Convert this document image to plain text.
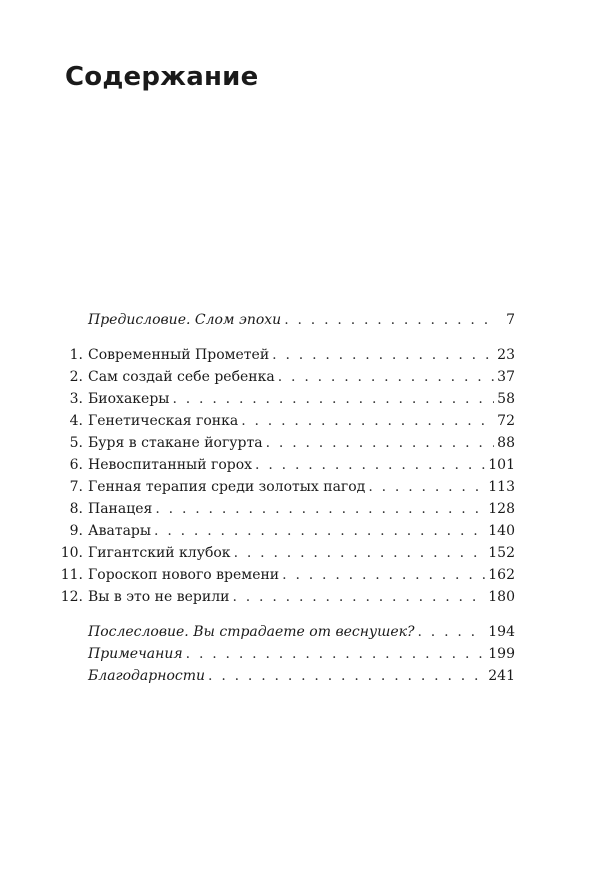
Содержание
Предисловие. Слом эпохи . . .	7
1. Современный Прометей . . .	23
2. Сам создай себе ребенка . . .	37
3. Биохакеры . . .	58
4. Генетическая гонка . . .	72
5. Буря в стакане йогурта . . .	88
6. Невоспитанный горох . . .	101
7. Генная терапия среди золотых пагод . . .	113
8. Панацея . . .	128
9. Аватары . . .	140
10. Гигантский клубок . . .	152
11. Гороскоп нового времени . . .	162
12. Вы в это не верили . . .	180
Послесловие. Вы страдаете от веснушек? . . .	194
Примечания . . .	199
Благодарности . . .	241
